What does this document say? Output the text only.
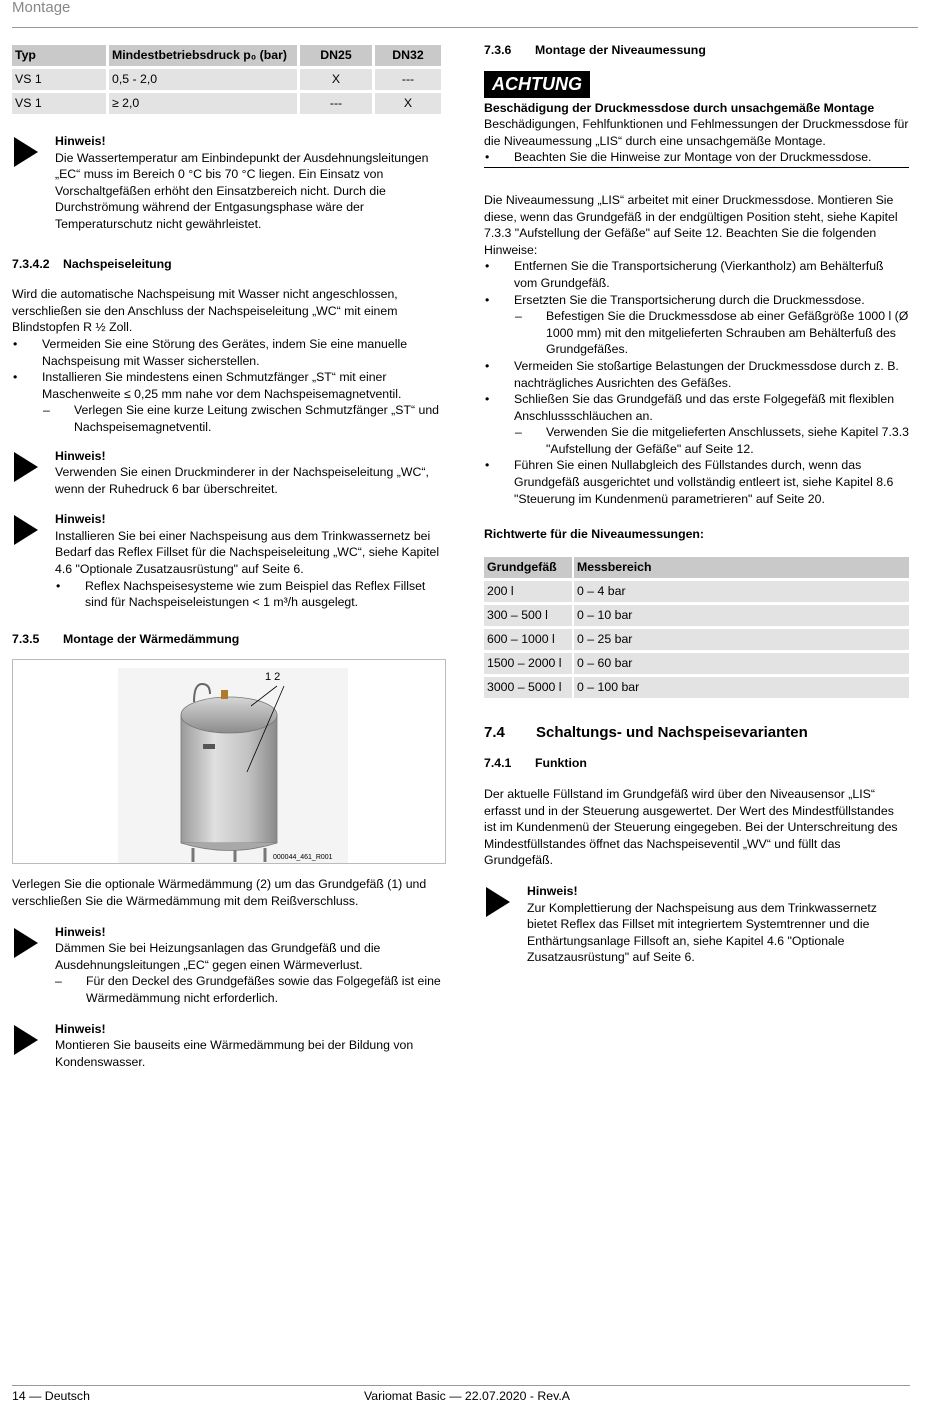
Montage
Typ	Mindestbetriebsdruck p₀ (bar)	DN25	DN32
VS 1	0,5 - 2,0	X	---
VS 1	≥ 2,0	---	X
Hinweis!
Die Wassertemperatur am Einbindepunkt der Ausdehnungsleitungen „EC“ muss im Bereich 0 °C bis 70 °C liegen. Ein Einsatz von Vorschaltgefäßen erhöht den Einsatzbereich nicht. Durch die Durchströmung während der Entgasungsphase wäre der Temperaturschutz nicht gewährleistet.
7.3.4.2 Nachspeiseleitung
Wird die automatische Nachspeisung mit Wasser nicht angeschlossen, verschließen sie den Anschluss der Nachspeiseleitung „WC“ mit einem Blindstopfen R ½ Zoll.
• Vermeiden Sie eine Störung des Gerätes, indem Sie eine manuelle Nachspeisung mit Wasser sicherstellen.
• Installieren Sie mindestens einen Schmutzfänger „ST“ mit einer Maschenweite ≤ 0,25 mm nahe vor dem Nachspeisemagnetventil.
– Verlegen Sie eine kurze Leitung zwischen Schmutzfänger „ST“ und Nachspeisemagnetventil.
Hinweis!
Verwenden Sie einen Druckminderer in der Nachspeiseleitung „WC“, wenn der Ruhedruck 6 bar überschreitet.
Hinweis!
Installieren Sie bei einer Nachspeisung aus dem Trinkwassernetz bei Bedarf das Reflex Fillset für die Nachspeiseleitung „WC“, siehe Kapitel 4.6 "Optionale Zusatzausrüstung" auf Seite 6.
• Reflex Nachspeisesysteme wie zum Beispiel das Reflex Fillset sind für Nachspeiseleistungen < 1 m³/h ausgelegt.
7.3.5 Montage der Wärmedämmung
1 2
000044_461_R001
Verlegen Sie die optionale Wärmedämmung (2) um das Grundgefäß (1) und verschließen Sie die Wärmedämmung mit dem Reißverschluss.
Hinweis!
Dämmen Sie bei Heizungsanlagen das Grundgefäß und die Ausdehnungsleitungen „EC“ gegen einen Wärmeverlust.
– Für den Deckel des Grundgefäßes sowie das Folgegefäß ist eine Wärmedämmung nicht erforderlich.
Hinweis!
Montieren Sie bauseits eine Wärmedämmung bei der Bildung von Kondenswasser.
7.3.6 Montage der Niveaumessung
ACHTUNG
Beschädigung der Druckmessdose durch unsachgemäße Montage
Beschädigungen, Fehlfunktionen und Fehlmessungen der Druckmessdose für die Niveaumessung „LIS“ durch eine unsachgemäße Montage.
• Beachten Sie die Hinweise zur Montage von der Druckmessdose.
Die Niveaumessung „LIS“ arbeitet mit einer Druckmessdose. Montieren Sie diese, wenn das Grundgefäß in der endgültigen Position steht, siehe Kapitel 7.3.3 "Aufstellung der Gefäße" auf Seite 12. Beachten Sie die folgenden Hinweise:
• Entfernen Sie die Transportsicherung (Vierkantholz) am Behälterfuß vom Grundgefäß.
• Ersetzten Sie die Transportsicherung durch die Druckmessdose.
– Befestigen Sie die Druckmessdose ab einer Gefäßgröße 1000 l (Ø 1000 mm) mit den mitgelieferten Schrauben am Behälterfuß des Grundgefäßes.
• Vermeiden Sie stoßartige Belastungen der Druckmessdose durch z. B. nachträgliches Ausrichten des Gefäßes.
• Schließen Sie das Grundgefäß und das erste Folgegefäß mit flexiblen Anschlussschläuchen an.
– Verwenden Sie die mitgelieferten Anschlussets, siehe Kapitel 7.3.3 "Aufstellung der Gefäße" auf Seite 12.
• Führen Sie einen Nullabgleich des Füllstandes durch, wenn das Grundgefäß ausgerichtet und vollständig entleert ist, siehe Kapitel 8.6 "Steuerung im Kundenmenü parametrieren" auf Seite 20.
Richtwerte für die Niveaumessungen:
Grundgefäß	Messbereich
200 l	0 – 4 bar
300 – 500 l	0 – 10 bar
600 – 1000 l	0 – 25 bar
1500 – 2000 l	0 – 60 bar
3000 – 5000 l	0 – 100 bar
7.4 Schaltungs- und Nachspeisevarianten
7.4.1 Funktion
Der aktuelle Füllstand im Grundgefäß wird über den Niveausensor „LIS“ erfasst und in der Steuerung ausgewertet. Der Wert des Mindestfüllstandes ist im Kundenmenü der Steuerung eingegeben. Bei der Unterschreitung des Mindestfüllstandes öffnet das Nachspeiseventil „WV“ und füllt das Grundgefäß.
Hinweis!
Zur Komplettierung der Nachspeisung aus dem Trinkwassernetz bietet Reflex das Fillset mit integriertem Systemtrenner und die Enthärtungsanlage Fillsoft an, siehe Kapitel 4.6 "Optionale Zusatzausrüstung" auf Seite 6.
14 — Deutsch	Variomat Basic — 22.07.2020 - Rev.A
